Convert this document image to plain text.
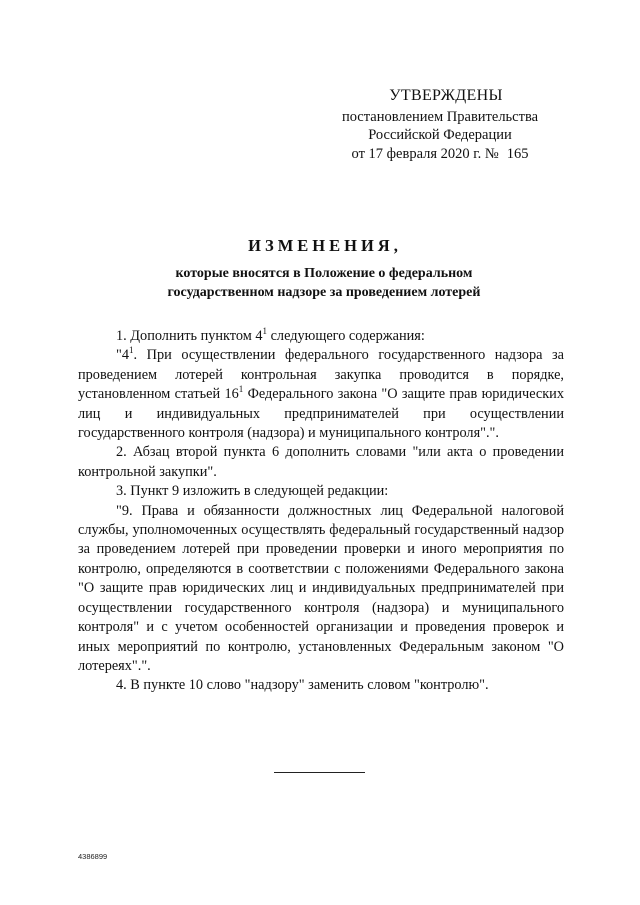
УТВЕРЖДЕНЫ
постановлением Правительства
Российской Федерации
от 17 февраля 2020 г. № 165
ИЗМЕНЕНИЯ,
которые вносятся в Положение о федеральном
государственном надзоре за проведением лотерей

1. Дополнить пунктом $4^1$ следующего содержания:

"$4^1$. При осуществлении федерального государственного надзора за проведением лотерей контрольная закупка проводится в порядке, установленном статьей $16^1$ Федерального закона "О защите прав юридических лиц и индивидуальных предпринимателей при осуществлении государственного контроля (надзора) и муниципального контроля".".

2. Абзац второй пункта 6 дополнить словами "или акта о проведении контрольной закупки".

3. Пункт 9 изложить в следующей редакции:

"9. Права и обязанности должностных лиц Федеральной налоговой службы, уполномоченных осуществлять федеральный государственный надзор за проведением лотерей при проведении проверки и иного мероприятия по контролю, определяются в соответствии с положениями Федерального закона "О защите прав юридических лиц и индивидуальных предпринимателей при осуществлении государственного контроля (надзора) и муниципального контроля" и с учетом особенностей организации и проведения проверок и иных мероприятий по контролю, установленных Федеральным законом "О лотереях".".

4. В пункте 10 слово "надзору" заменить словом "контролю".

4386899
